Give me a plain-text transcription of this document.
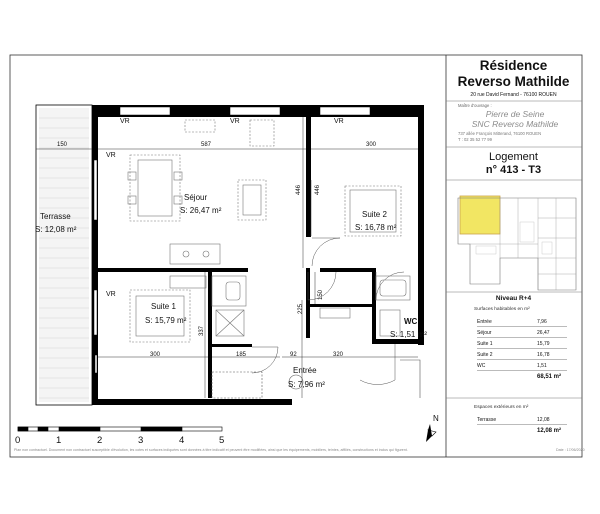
Résidence
Reverso Mathilde
20 rue David Fernand - 76100 ROUEN
Maître d'ouvrage :
Pierre de Seine
SNC Reverso Mathilde
737 allée François Mitterand, 76100 ROUEN
T : 02 35 52 77 99
Logement
n° 413 - T3
Niveau R+4
Surfaces habitables en m²
Entrée	7,96
Séjour	26,47
Suite 1	15,79
Suite 2	16,78
WC	1,51
68,51 m²
Espaces extérieurs en m²
Terrasse	12,08
12,08 m²
Séjour
S: 26,47 m²	Suite 2
S: 16,78 m²
Suite 1
S: 15,79 m²	WC
S: 1,51 m²
Entrée
S: 7,96 m²
Terrasse
S: 12,08 m²
VR	VR	VR
VR
VR
150	587	300
446 446
337
225
150
300	185	92	320
N
0	1	2	3	4	5
Plan non contractuel. Document non contractuel susceptible d'évolution, les cotes et surfaces indiquées sont données à titre indicatif et peuvent être modifiées, ainsi que les équipements, mobiliers, teintes, affiliés, constructions et inclus qui figurent.	Date : 17/06/2020
